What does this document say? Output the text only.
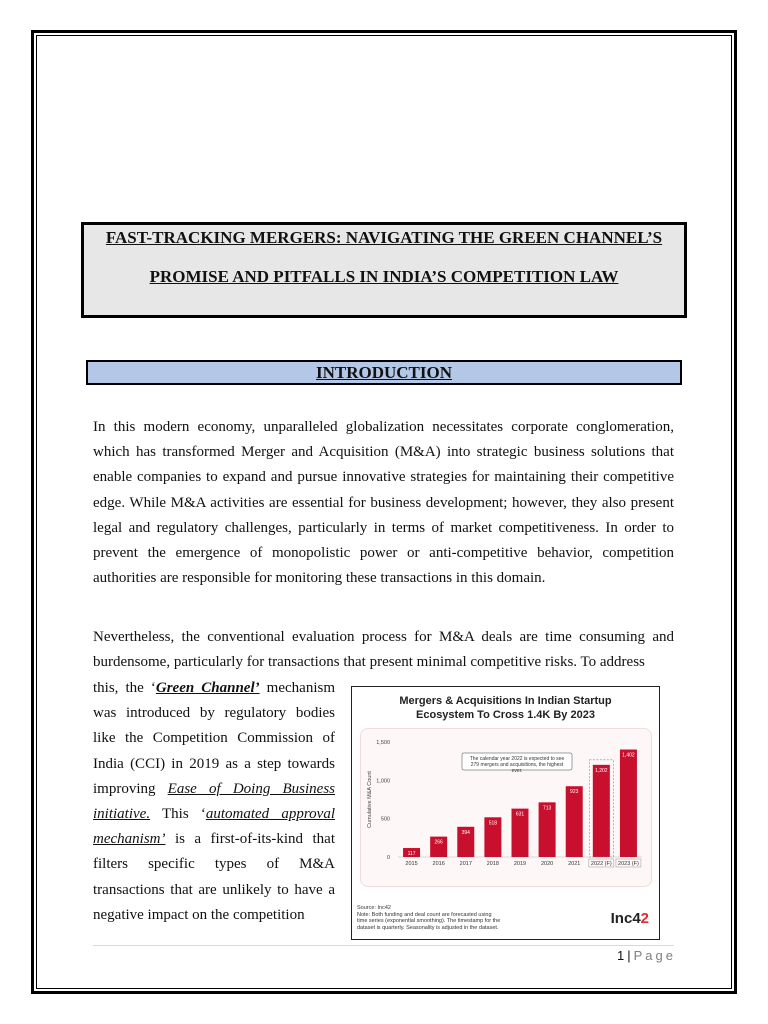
FAST-TRACKING MERGERS: NAVIGATING THE GREEN CHANNEL’S
PROMISE AND PITFALLS IN INDIA’S COMPETITION LAW
INTRODUCTION

In this modern economy, unparalleled globalization necessitates corporate conglomeration, which has transformed Merger and Acquisition (M&A) into strategic business solutions that enable companies to expand and pursue innovative strategies for maintaining their competitive edge. While M&A activities are essential for business development; however, they also present legal and regulatory challenges, particularly in terms of market competitiveness. In order to prevent the emergence of monopolistic power or anti-competitive behavior, competition authorities are responsible for monitoring these transactions in this domain.

Nevertheless, the conventional evaluation process for M&A deals are time consuming and burdensome, particularly for transactions that present minimal competitive risks. To address

this, the ‘Green Channel’ mechanism was introduced by regulatory bodies like the Competition Commission of India (CCI) in 2019 as a step towards improving Ease of Doing Business initiative. This ‘automated approval mechanism’ is a first-of-its-kind that filters specific types of M&A transactions that are unlikely to have a negative impact on the competition

Mergers & Acquisitions In Indian Startup
Ecosystem To Cross 1.4K By 2023
Cumulative M&A Count
0
500
1,000
1,500
117
2015
266
2016
394
2017
518
2018
631
2019
713
2020
923
2021
1,202
2022 (F)
1,402
2023 (F)
The calendar year 2022 is expected to see 279 mergers and acquisitions, the highest ever.
Source: Inc42
Note: Both funding and deal count are forecasted using
time series (exponential smoothing). The timestamp for the
dataset is quarterly. Seasonality is adjusted in the dataset.
Inc42
1 | Page
